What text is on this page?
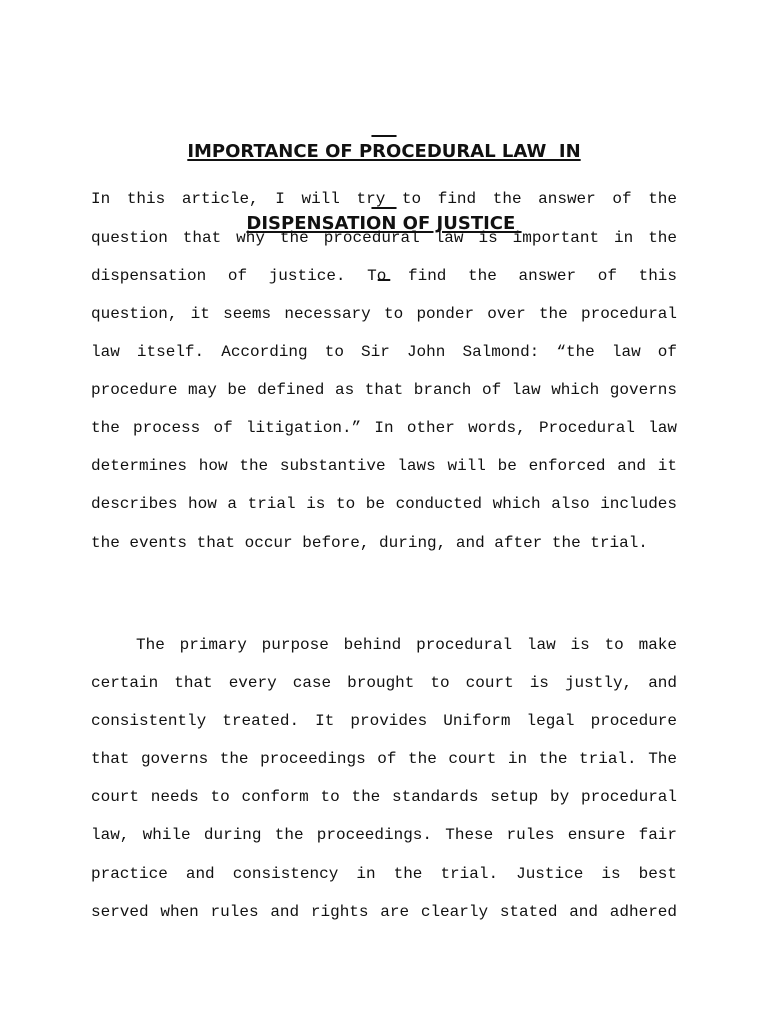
IMPORTANCE OF PROCEDURAL LAW  IN

DISPENSATION OF JUSTICE

In this article, I will try to find the answer of the

question that why the procedural law is important in the

dispensation of justice. To find the answer of this

question, it seems necessary to ponder over the procedural

law itself. According to Sir John Salmond: “the law of

procedure may be defined as that branch of law which governs

the process of litigation.” In other words, Procedural law

determines how the substantive laws will be enforced and it

describes how a trial is to be conducted which also includes

the events that occur before, during, and after the trial.

The primary purpose behind procedural law is to make

certain that every case brought to court is justly, and

consistently treated. It provides Uniform legal procedure

that governs the proceedings of the court in the trial. The

court needs to conform to the standards setup by procedural

law, while during the proceedings. These rules ensure fair

practice and consistency in the trial. Justice is best

served when rules and rights are clearly stated and adhered
